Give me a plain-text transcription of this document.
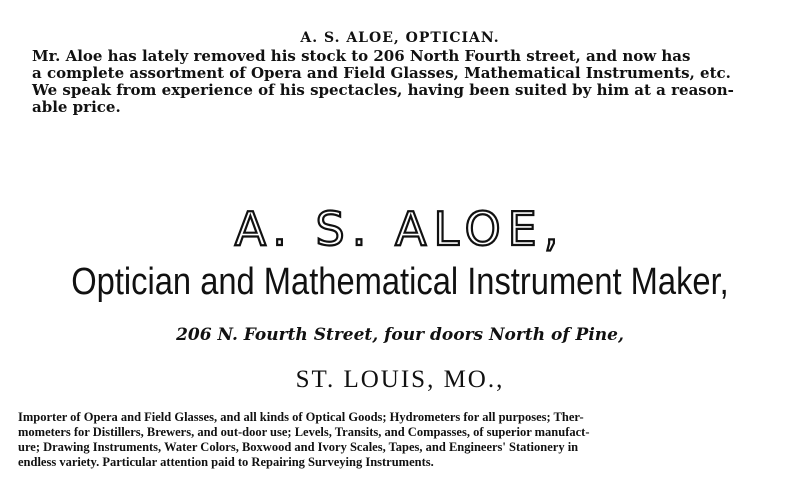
A. S. ALOE, OPTICIAN.
Mr. Aloe has lately removed his stock to 206 North Fourth street, and now has
a complete assortment of Opera and Field Glasses, Mathematical Instruments, etc.
We speak from experience of his spectacles, having been suited by him at a reason-
able price.
A. S. ALOE,
Optician and Mathematical Instrument Maker,
206 N. Fourth Street, four doors North of Pine,
ST. LOUIS, MO.,
Importer of Opera and Field Glasses, and all kinds of Optical Goods; Hydrometers for all purposes; Ther-
mometers for Distillers, Brewers, and out-door use; Levels, Transits, and Compasses, of superior manufact-
ure; Drawing Instruments, Water Colors, Boxwood and Ivory Scales, Tapes, and Engineers' Stationery in
endless variety. Particular attention paid to Repairing Surveying Instruments.
